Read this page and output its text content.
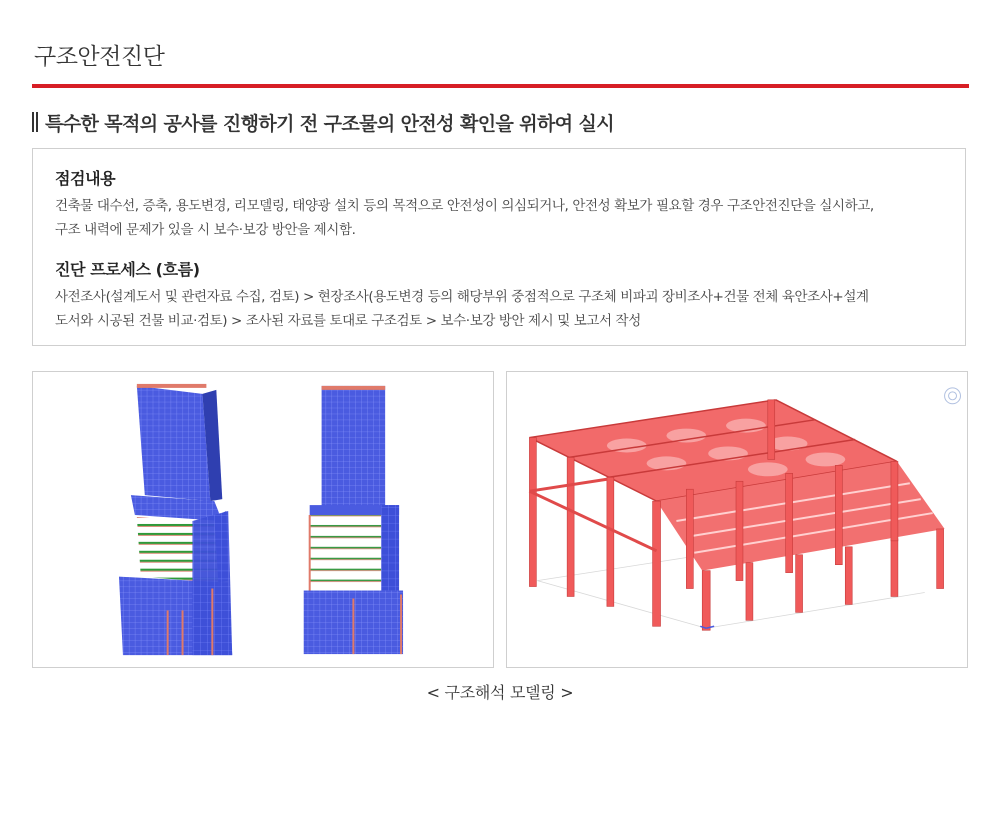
구조안전진단
특수한 목적의 공사를 진행하기 전 구조물의 안전성 확인을 위하여 실시
점검내용

건축물 대수선, 증축, 용도변경, 리모델링, 태양광 설치 등의 목적으로 안전성이 의심되거나, 안전성 확보가 필요할 경우 구조안전진단을 실시하고,
구조 내력에 문제가 있을 시 보수·보강 방안을 제시함.

진단 프로세스 (흐름)

사전조사(설계도서 및 관련자료 수집, 검토) > 현장조사(용도변경 등의 해당부위 중점적으로 구조체 비파괴 장비조사+건물 전체 육안조사+설계
도서와 시공된 건물 비교·검토) > 조사된 자료를 토대로 구조검토 > 보수·보강 방안 제시 및 보고서 작성

< 구조해석 모델링 >
